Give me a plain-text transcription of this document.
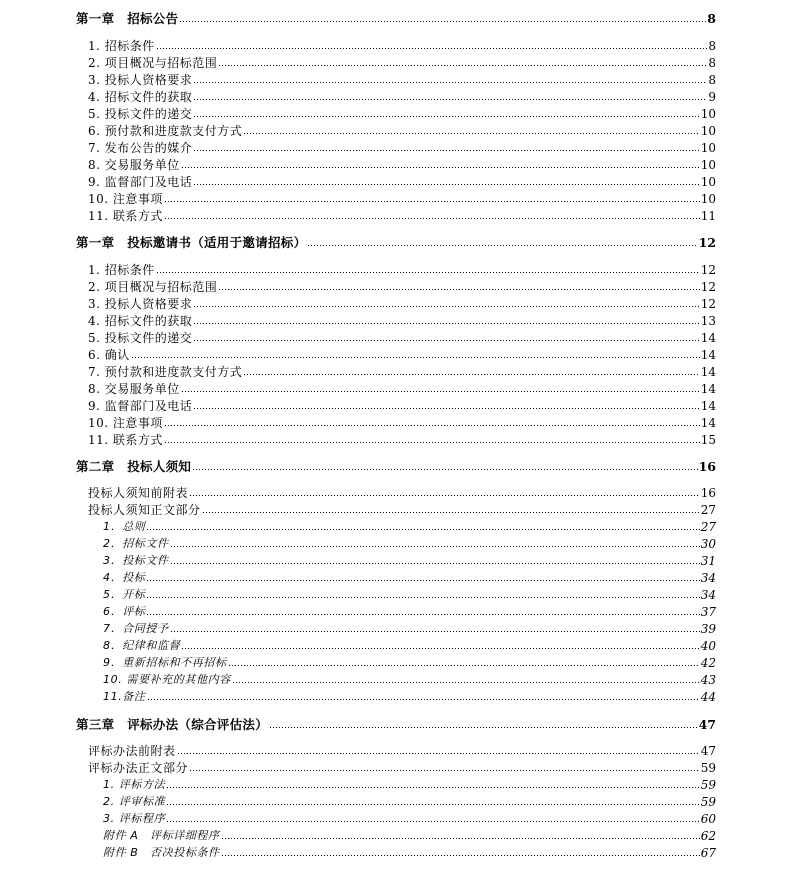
第一章　招标公告	8
1. 招标条件	8
2. 项目概况与招标范围	8
3. 投标人资格要求	8
4. 招标文件的获取	9
5. 投标文件的递交	10
6. 预付款和进度款支付方式	10
7. 发布公告的媒介	10
8. 交易服务单位	10
9. 监督部门及电话	10
10. 注意事项	10
11. 联系方式	11
第一章　投标邀请书（适用于邀请招标）	12
1. 招标条件	12
2. 项目概况与招标范围	12
3. 投标人资格要求	12
4. 招标文件的获取	13
5. 投标文件的递交	14
6. 确认	14
7. 预付款和进度款支付方式	14
8. 交易服务单位	14
9. 监督部门及电话	14
10. 注意事项	14
11. 联系方式	15
第二章　投标人须知	16
投标人须知前附表	16
投标人须知正文部分	27
1．总则	27
2．招标文件	30
3．投标文件	31
4．投标	34
5．开标	34
6．评标	37
7．合同授予	39
8．纪律和监督	40
9．重新招标和不再招标	42
10. 需要补充的其他内容	43
11.备注	44
第三章　评标办法（综合评估法）	47
评标办法前附表	47
评标办法正文部分	59
1. 评标方法	59
2. 评审标准	59
3. 评标程序	60
附件 A　评标详细程序	62
附件 B　否决投标条件	67
